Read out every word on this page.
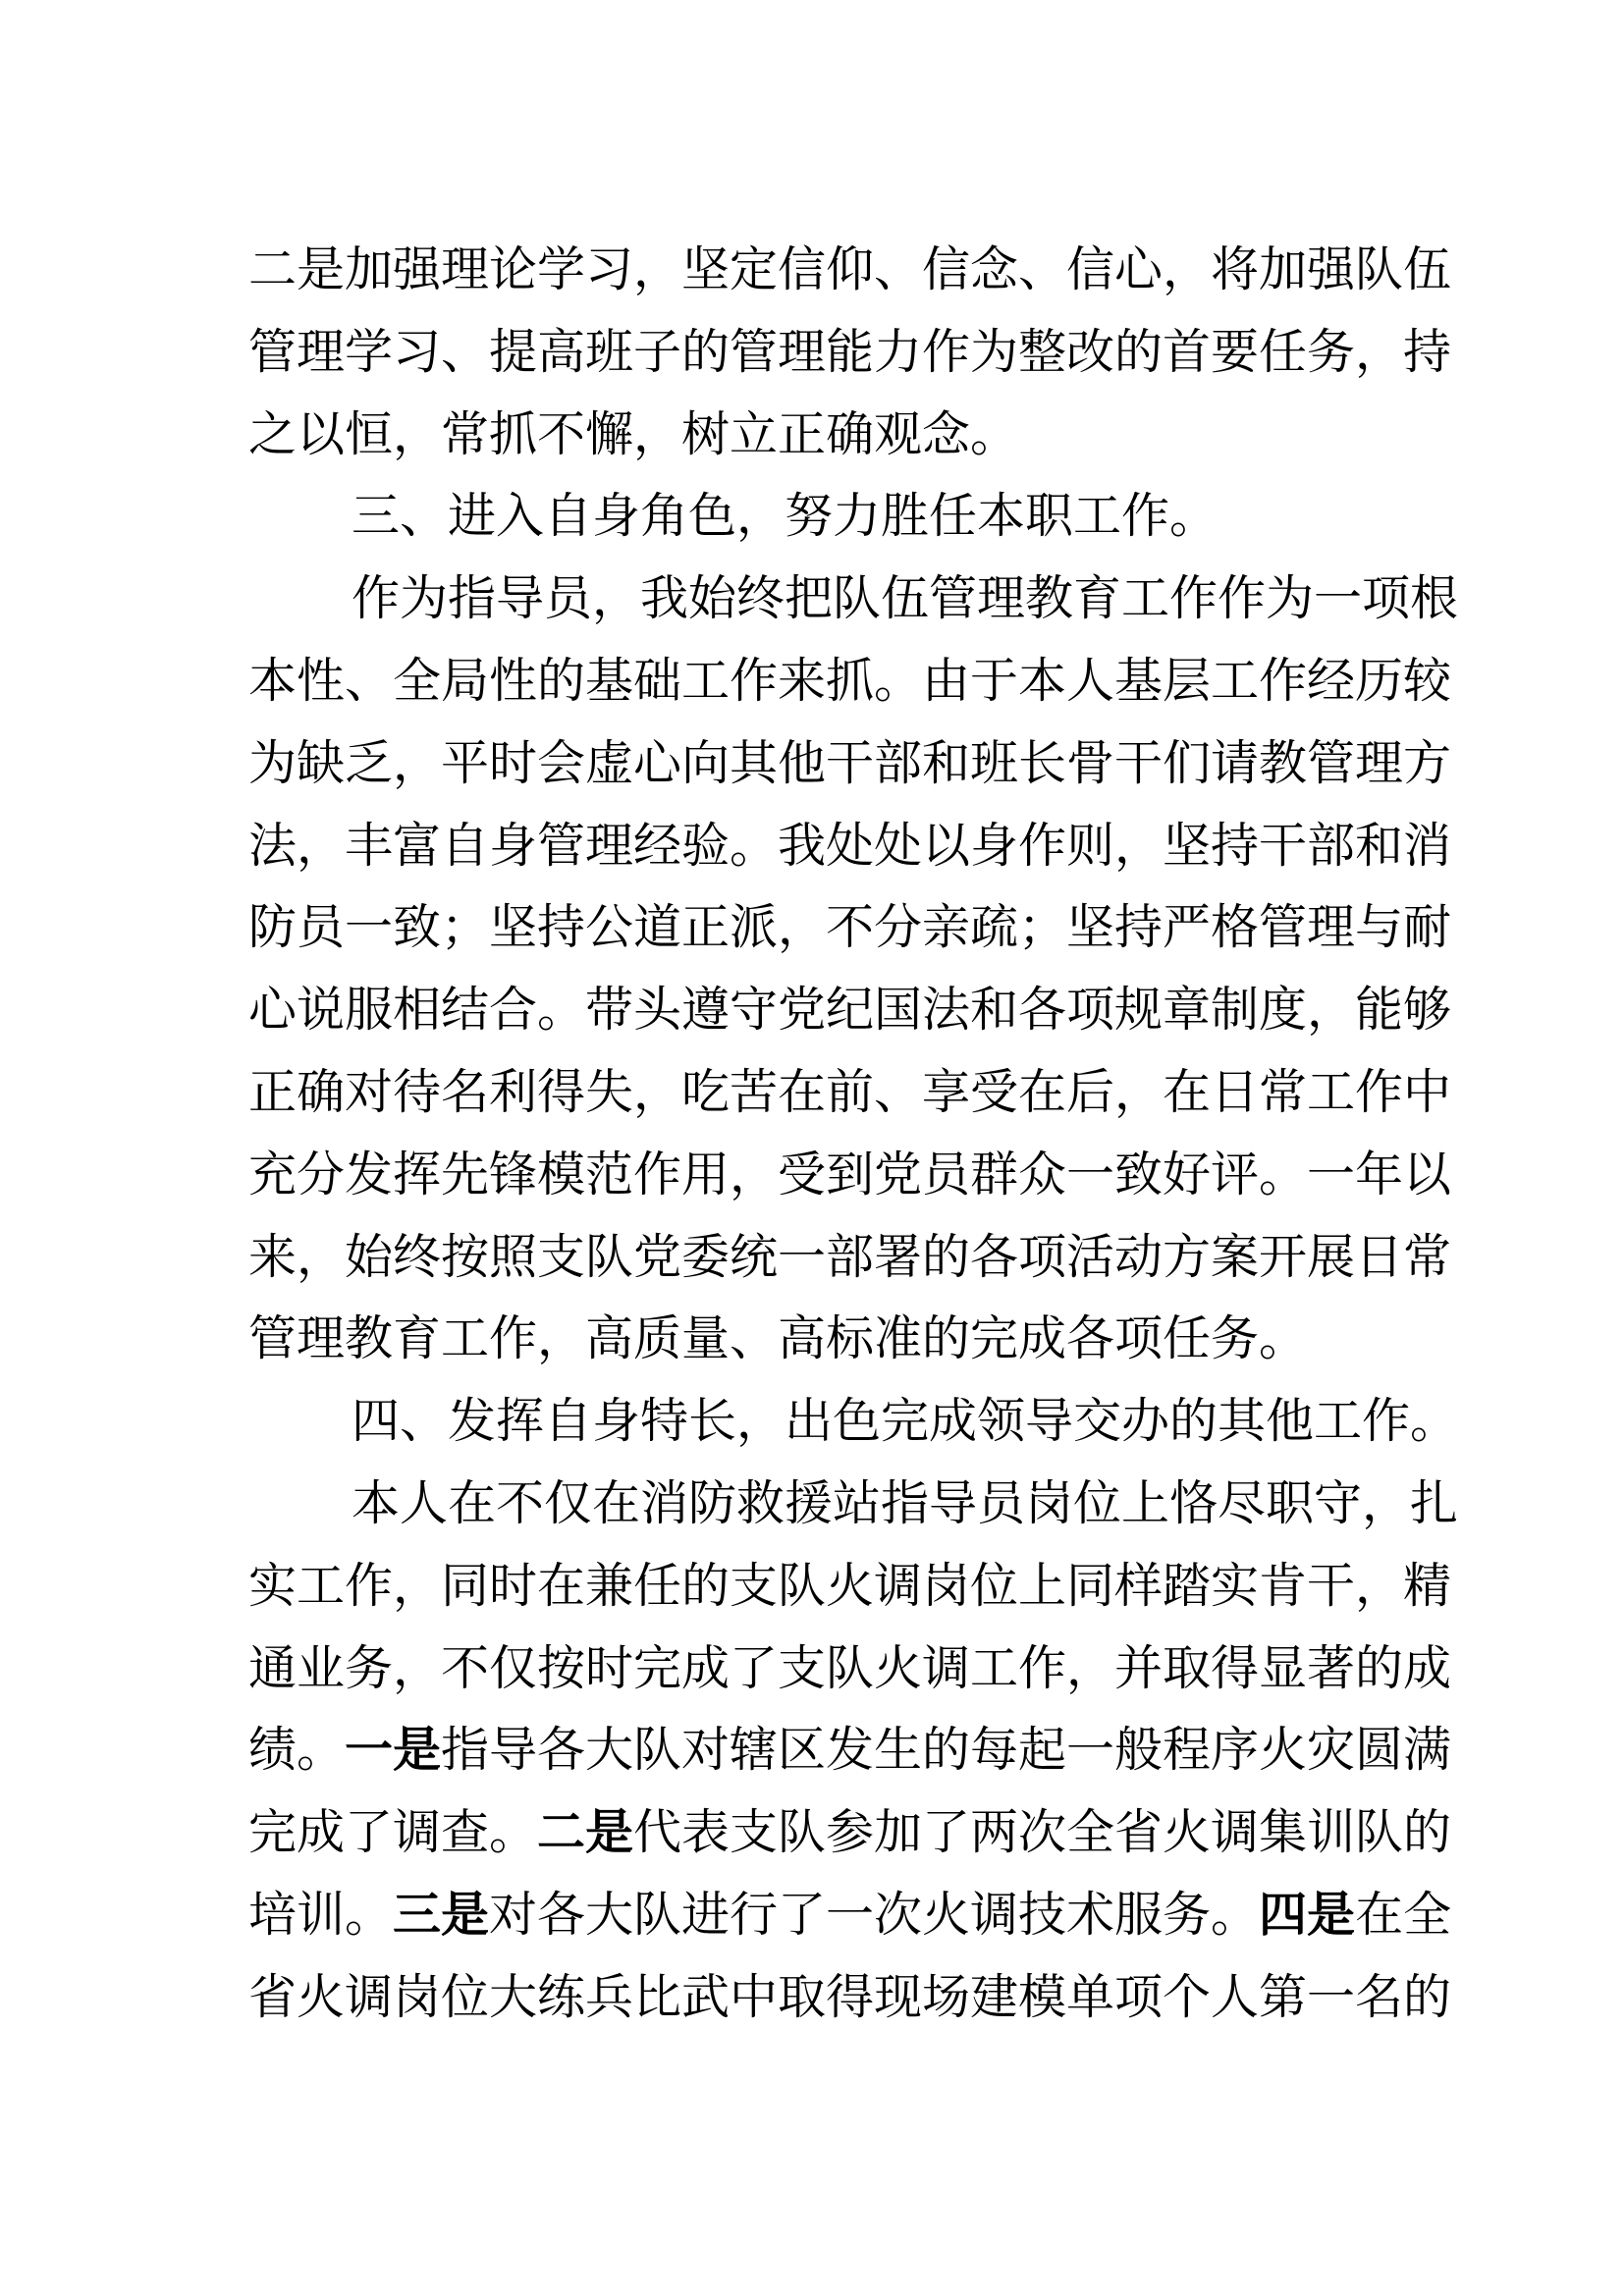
二是加强理论学习，坚定信仰、信念、信心，将加强队伍
管理学习、提高班子的管理能力作为整改的首要任务，持
之以恒，常抓不懈，树立正确观念。
三、进入自身角色，努力胜任本职工作。
作为指导员，我始终把队伍管理教育工作作为一项根
本性、全局性的基础工作来抓。由于本人基层工作经历较
为缺乏，平时会虚心向其他干部和班长骨干们请教管理方
法，丰富自身管理经验。我处处以身作则，坚持干部和消
防员一致；坚持公道正派，不分亲疏；坚持严格管理与耐
心说服相结合。带头遵守党纪国法和各项规章制度，能够
正确对待名利得失，吃苦在前、享受在后，在日常工作中
充分发挥先锋模范作用，受到党员群众一致好评。一年以
来，始终按照支队党委统一部署的各项活动方案开展日常
管理教育工作，高质量、高标准的完成各项任务。
四、发挥自身特长，出色完成领导交办的其他工作。
本人在不仅在消防救援站指导员岗位上恪尽职守，扎
实工作，同时在兼任的支队火调岗位上同样踏实肯干，精
通业务，不仅按时完成了支队火调工作，并取得显著的成
绩。一是指导各大队对辖区发生的每起一般程序火灾圆满
完成了调查。二是代表支队参加了两次全省火调集训队的
培训。三是对各大队进行了一次火调技术服务。四是在全
省火调岗位大练兵比武中取得现场建模单项个人第一名的
